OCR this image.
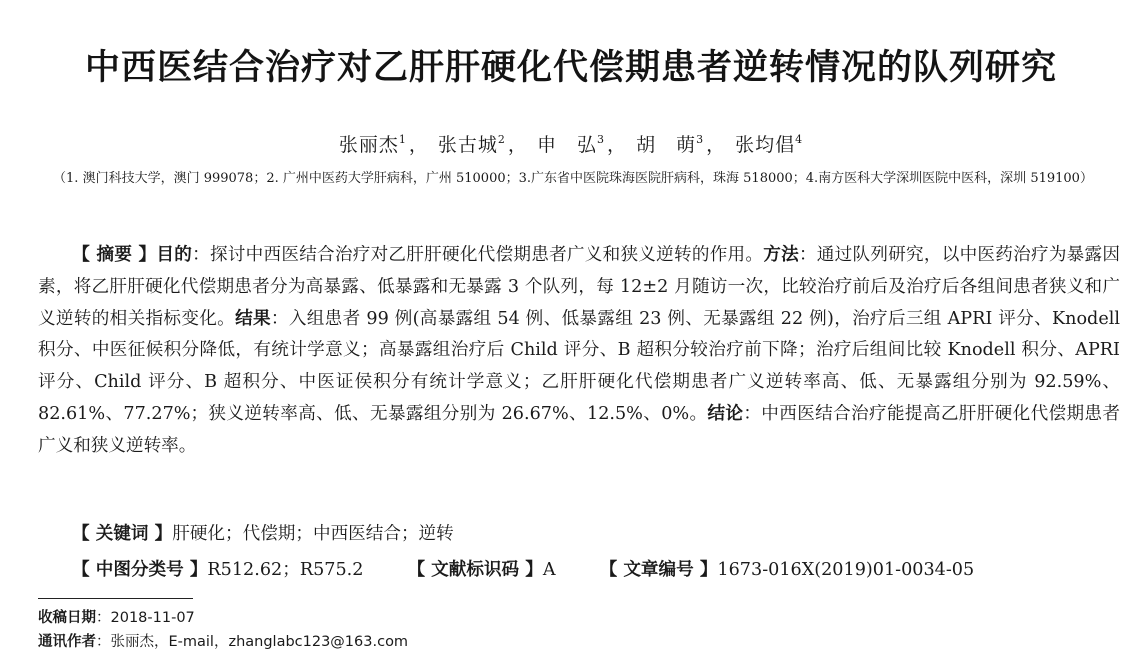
中西医结合治疗对乙肝肝硬化代偿期患者逆转情况的队列研究
张丽杰$^1$ ， 张古城$^2$ ， 申　弘$^3$ ， 胡　萌$^3$ ， 张均倡$^4$
（1. 澳门科技大学，澳门 999078；2. 广州中医药大学肝病科，广州 510000；3.广东省中医院珠海医院肝病科，珠海 518000；4.南方医科大学深圳医院中医科，深圳 519100）
【 摘要 】目的：探讨中西医结合治疗对乙肝肝硬化代偿期患者广义和狭义逆转的作用。方法：通过队列研究，以中医药治疗为暴露因素，将乙肝肝硬化代偿期患者分为高暴露、低暴露和无暴露 3 个队列，每 12±2 月随访一次，比较治疗前后及治疗后各组间患者狭义和广义逆转的相关指标变化。结果：入组患者 99 例(高暴露组 54 例、低暴露组 23 例、无暴露组 22 例)，治疗后三组 APRI 评分、Knodell 积分、中医征候积分降低，有统计学意义；高暴露组治疗后 Child 评分、B 超积分较治疗前下降；治疗后组间比较 Knodell 积分、APRI 评分、Child 评分、B 超积分、中医证侯积分有统计学意义；乙肝肝硬化代偿期患者广义逆转率高、低、无暴露组分别为 92.59%、82.61%、77.27%；狭义逆转率高、低、无暴露组分别为 26.67%、12.5%、0%。结论：中西医结合治疗能提高乙肝肝硬化代偿期患者广义和狭义逆转率。
【 关键词 】肝硬化；代偿期；中西医结合；逆转
【 中图分类号 】R512.62；R575.2	【 文献标识码 】A	【 文章编号 】1673-016X(2019)01-0034-05
收稿日期：2018-11-07
通讯作者：张丽杰，E-mail，zhanglabc123@163.com
